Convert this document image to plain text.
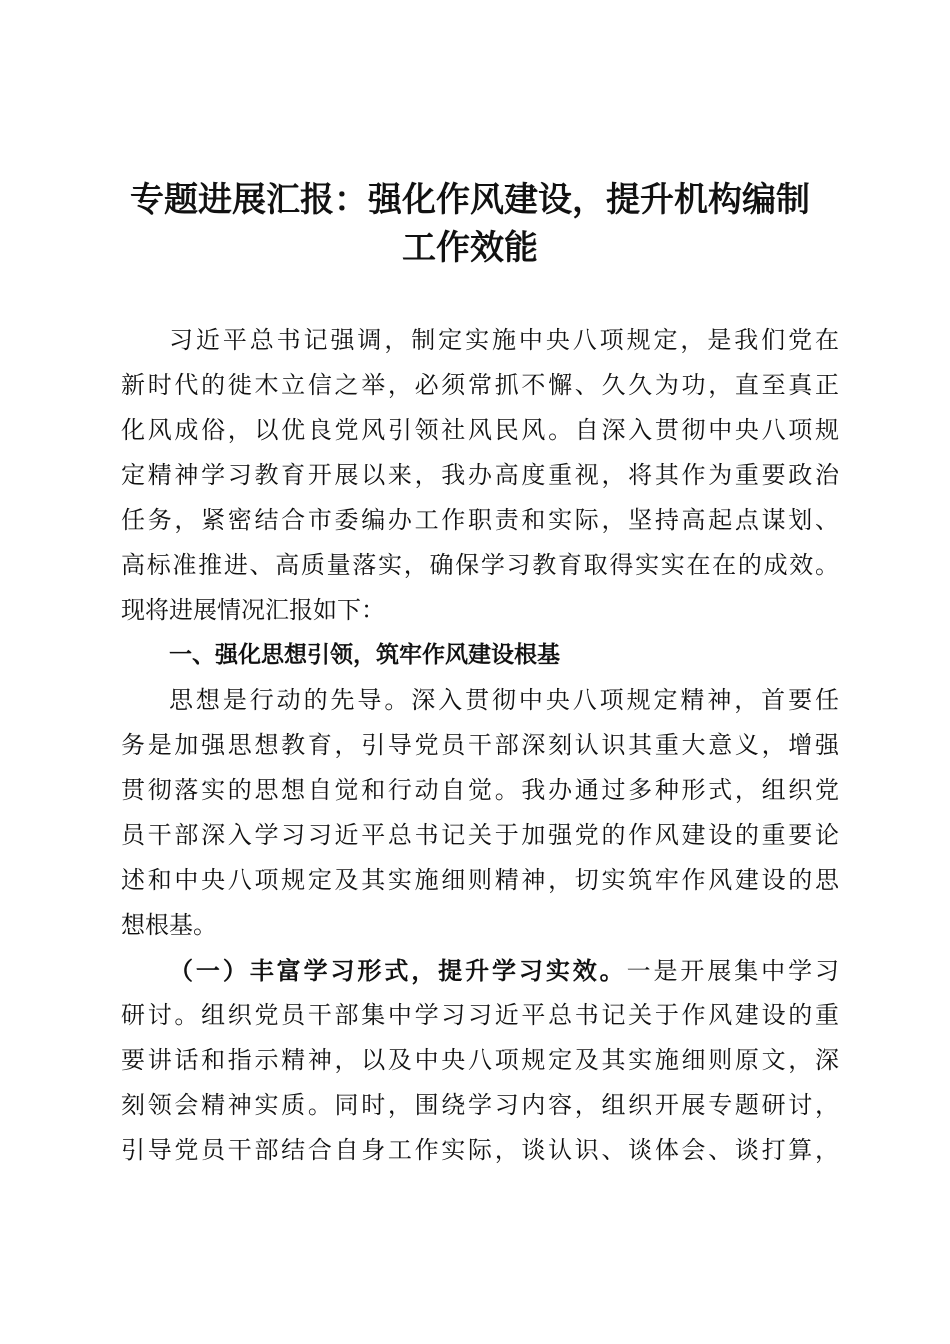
专题进展汇报：强化作风建设，提升机构编制
工作效能
习近平总书记强调，制定实施中央八项规定，是我们党在
新时代的徙木立信之举，必须常抓不懈、久久为功，直至真正
化风成俗，以优良党风引领社风民风。自深入贯彻中央八项规
定精神学习教育开展以来，我办高度重视，将其作为重要政治
任务，紧密结合市委编办工作职责和实际，坚持高起点谋划、
高标准推进、高质量落实，确保学习教育取得实实在在的成效。
现将进展情况汇报如下：
一、强化思想引领，筑牢作风建设根基
思想是行动的先导。深入贯彻中央八项规定精神，首要任
务是加强思想教育，引导党员干部深刻认识其重大意义，增强
贯彻落实的思想自觉和行动自觉。我办通过多种形式，组织党
员干部深入学习习近平总书记关于加强党的作风建设的重要论
述和中央八项规定及其实施细则精神，切实筑牢作风建设的思
想根基。
（一）丰富学习形式，提升学习实效。一是开展集中学习
研讨。组织党员干部集中学习习近平总书记关于作风建设的重
要讲话和指示精神，以及中央八项规定及其实施细则原文，深
刻领会精神实质。同时，围绕学习内容，组织开展专题研讨，
引导党员干部结合自身工作实际，谈认识、谈体会、谈打算，
